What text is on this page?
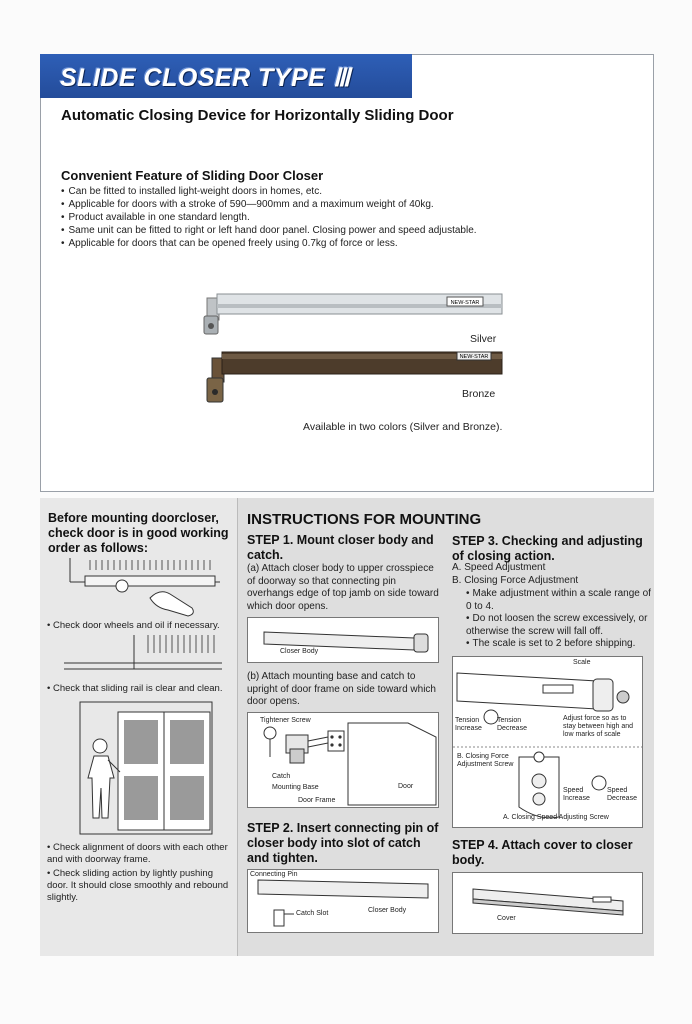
SLIDE CLOSER TYPE Ⅲ
Automatic Closing Device for Horizontally Sliding Door
Convenient Feature of Sliding Door Closer
• Can be fitted to installed light-weight doors in homes, etc.
• Applicable for doors with a stroke of 590—900mm and a maximum weight of 40kg.
• Product available in one standard length.
• Same unit can be fitted to right or left hand door panel. Closing power and speed adjustable.
• Applicable for doors that can be opened freely using 0.7kg of force or less.
NEW-STAR
NEW-STAR
Silver
Bronze
Available in two colors (Silver and Bronze).
Before mounting doorcloser, check door is in good working order as follows:
• Check door wheels and oil if necessary.
• Check that sliding rail is clear and clean.
• Check alignment of doors with each other and with doorway frame.
• Check sliding action by lightly pushing door. It should close smoothly and rebound slightly.
INSTRUCTIONS FOR MOUNTING
STEP 1. Mount closer body and catch.
(a) Attach closer body to upper crosspiece of doorway so that connecting pin overhangs edge of top jamb on side toward which door opens.
Closer Body
(b) Attach mounting base and catch to upright of door frame on side toward which door opens.
Tightener Screw
Catch
Mounting Base
Door Frame
Door
STEP 2. Insert connecting pin of closer body into slot of catch and tighten.
Connecting Pin
Catch Slot	Closer Body
STEP 3. Checking and adjusting of closing action.
A. Speed Adjustment
B. Closing Force Adjustment
• Make adjustment within a scale range of 0 to 4.
• Do not loosen the screw excessively, or otherwise the screw will fall off.
• The scale is set to 2 before shipping.
Scale
Tension Increase
Tension Decrease
Adjust force so as to stay between high and low marks of scale
B. Closing Force Adjustment Screw
Speed Increase
Speed Decrease
A. Closing Speed Adjusting Screw
STEP 4. Attach cover to closer body.
Cover
